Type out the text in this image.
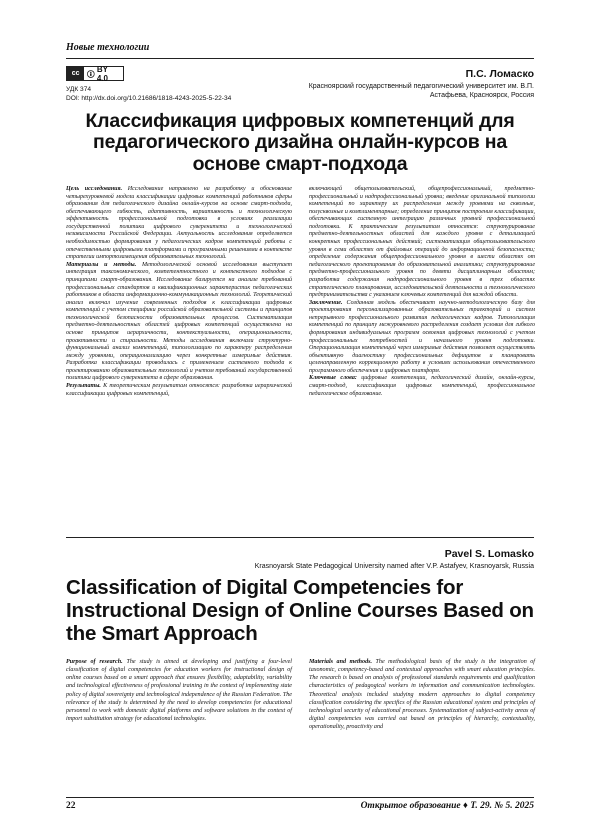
Новые технологии
cc	BY 4.0
УДК 374
DOI: http://dx.doi.org/10.21686/1818-4243-2025-5-22-34
П.С. Ломаско
Красноярский государственный педагогический университет им. В.П. Астафьева, Красноярск, Россия
Классификация цифровых компетенций для педагогического дизайна онлайн-курсов на основе смарт-подхода

Цель исследования. Исследование направлено на разработку и обоснование четырехуровневой модели классификации цифровых компетенций работников сферы образования для педагогического дизайна онлайн-курсов на основе смарт-подхода, обеспечивающего гибкость, адаптивность, вариативность и технологическую эффективность профессиональной подготовки в условиях реализации государственной политики цифрового суверенитета и технологической независимости Российской Федерации. Актуальность исследования определяется необходимостью формирования у педагогических кадров компетенций работы с отечественными цифровыми платформами и программными решениями в контексте стратегии импортозамещения образовательных технологий.

Материалы и методы. Методологической основой исследования выступает интеграция таксономического, компетентностного и контекстного подходов с принципами смарт-образования. Исследование базируется на анализе требований профессиональных стандартов и квалификационных характеристик педагогических работников в области информационно-коммуникационных технологий. Теоретический анализ включал изучение современных подходов к классификации цифровых компетенций с учетом специфики российской образовательной системы и принципов технологической безопасности образовательных процессов. Систематизация предметно-деятельностных областей цифровых компетенций осуществлена на основе принципов иерархичности, контекстуальности, операциональности, проактивности и спиральности. Методы исследования включали структурно-функциональный анализ компетенций, типологизацию по характеру распределения между уровнями, операционализацию через конкретные измеримые действия. Разработка классификации проводилась с применением системного подхода к проектированию образовательных технологий и учетом требований государственной политики цифрового суверенитета в сфере образования.

Результаты. К теоретическим результатам относятся: разработка иерархической классификации цифровых компетенций,

включающей общепользовательский, общепрофессиональный, предметно-профессиональный и надпрофессиональный уровни; введение оригинальной типологии компетенций по характеру их распределения между уровнями на сквозные, полусквозные и комплиментарные; определение принципов построения классификации, обеспечивающих системную интеграцию различных уровней профессиональной подготовки. К практическим результатам относятся: структурирование предметно-деятельностных областей для каждого уровня с детализацией конкретных профессиональных действий; систематизация общепользовательского уровня в семи областях от файловых операций до информационной безопасности; определение содержания общепрофессионального уровня в шести областях от педагогического проектирования до образовательной аналитики; структурирование предметно-профессионального уровня по девяти дисциплинарным областям; разработка содержания надпрофессионального уровня в трех областях стратегического планирования, исследовательской деятельности и технологического предпринимательства с указанием ключевых компетенций для каждой области.

Заключение. Созданная модель обеспечивает научно-методологическую базу для проектирования персонализированных образовательных траекторий и систем непрерывного профессионального развития педагогических кадров. Типологизация компетенций по принципу межуровневого распределения создает условия для гибкого формирования индивидуальных программ освоения цифровых технологий с учетом профессиональных потребностей и начального уровня подготовки. Операционализация компетенций через измеримые действия позволяет осуществлять объективную диагностику профессиональных дефицитов и планировать целенаправленную коррекционную работу в условиях использования отечественного программного обеспечения и цифровых платформ.

Ключевые слова: цифровые компетенции, педагогический дизайн, онлайн-курсы, смарт-подход, классификация цифровых компетенций, профессиональное педагогическое образование.

Pavel S. Lomasko
Krasnoyarsk State Pedagogical University named after V.P. Astafyev, Krasnoyarsk, Russia
Classification of Digital Competencies for Instructional Design of Online Courses Based on the Smart Approach

Purpose of research. The study is aimed at developing and justifying a four-level classification of digital competencies for education workers for instructional design of online courses based on a smart approach that ensures flexibility, adaptability, variability and technological effectiveness of professional training in the context of implementing state policy of digital sovereignty and technological independence of the Russian Federation. The relevance of the study is determined by the need to develop competencies for educational personnel to work with domestic digital platforms and software solutions in the context of import substitution strategy for educational technologies.

Materials and methods. The methodological basis of the study is the integration of taxonomic, competency-based and contextual approaches with smart education principles. The research is based on analysis of professional standards requirements and qualification characteristics of pedagogical workers in information and communication technologies. Theoretical analysis included studying modern approaches to digital competency classification considering the specifics of the Russian educational system and principles of technological security of educational processes. Systematization of subject-activity areas of digital competencies was carried out based on principles of hierarchy, contextuality, operationality, proactivity and

22	Открытое образование ♦ Т. 29. № 5. 2025
